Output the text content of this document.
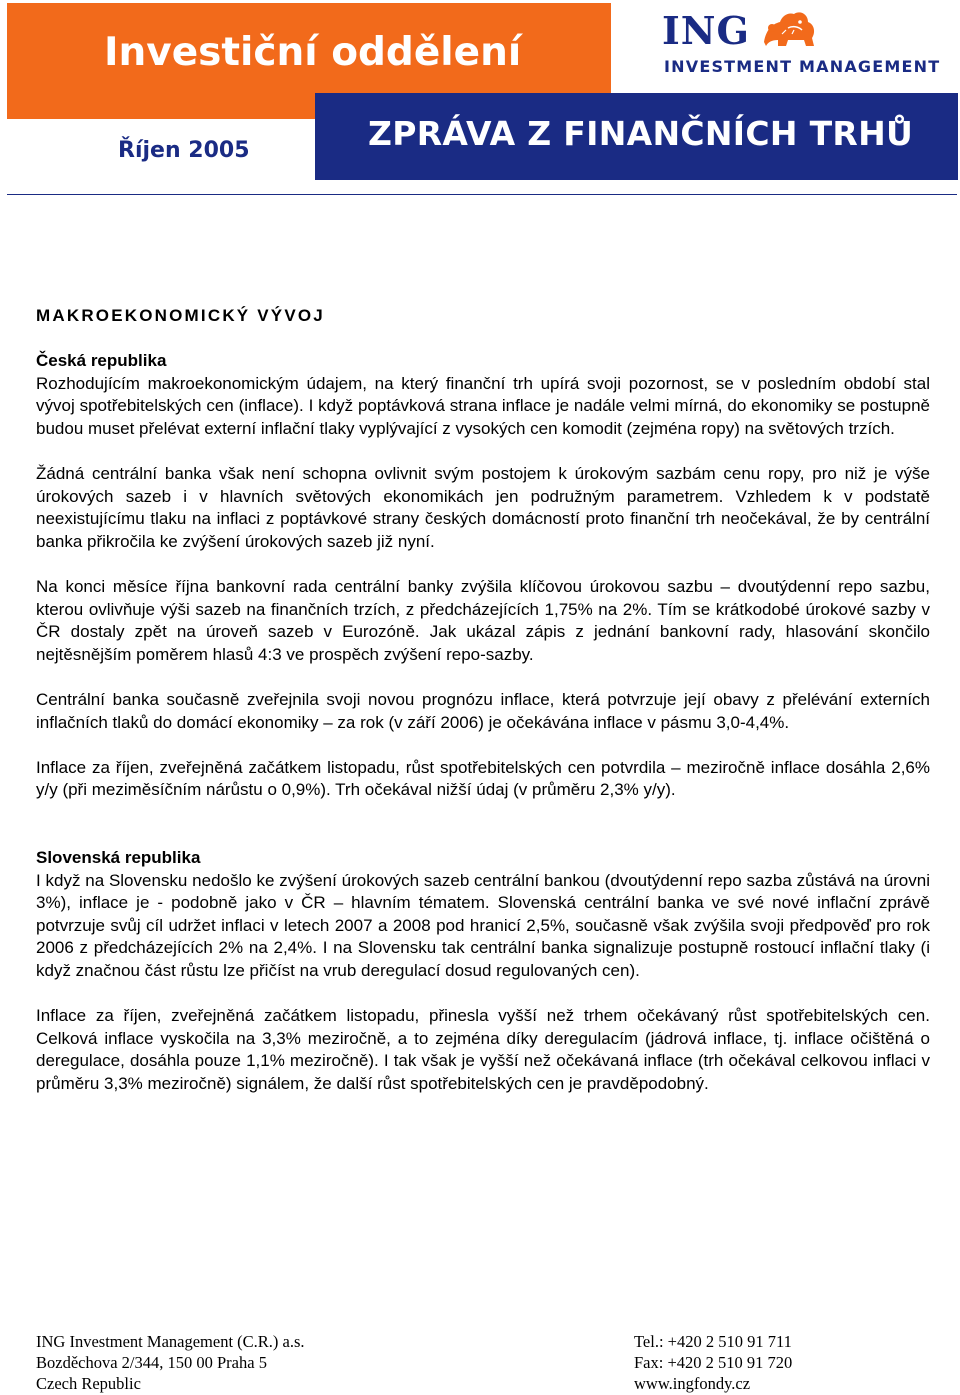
Investiční oddělení
Říjen 2005	ZPRÁVA Z FINANČNÍCH TRHŮ
ING
INVESTMENT MANAGEMENT
MAKROEKONOMICKÝ VÝVOJ

Česká republika

Rozhodujícím makroekonomickým údajem, na který finanční trh upírá svoji pozornost, se v posledním období stal vývoj spotřebitelských cen (inflace). I když poptávková strana inflace je nadále velmi mírná, do ekonomiky se postupně budou muset přelévat externí inflační tlaky vyplývající z vysokých cen komodit (zejména ropy) na světových trzích.

Žádná centrální banka však není schopna ovlivnit svým postojem k úrokovým sazbám cenu ropy, pro niž je výše úrokových sazeb i v hlavních světových ekonomikách jen podružným parametrem. Vzhledem k v podstatě neexistujícímu tlaku na inflaci z poptávkové strany českých domácností proto finanční trh neočekával, že by centrální banka přikročila ke zvýšení úrokových sazeb již nyní.

Na konci měsíce října bankovní rada centrální banky zvýšila klíčovou úrokovou sazbu – dvoutýdenní repo sazbu, kterou ovlivňuje výši sazeb na finančních trzích, z předcházejících 1,75% na 2%. Tím se krátkodobé úrokové sazby v ČR dostaly zpět na úroveň sazeb v Eurozóně. Jak ukázal zápis z jednání bankovní rady, hlasování skončilo nejtěsnějším poměrem hlasů 4:3 ve prospěch zvýšení repo-sazby.

Centrální banka současně zveřejnila svoji novou prognózu inflace, která potvrzuje její obavy z přelévání externích inflačních tlaků do domácí ekonomiky – za rok (v září 2006) je očekávána inflace v pásmu 3,0-4,4%.

Inflace za říjen, zveřejněná začátkem listopadu, růst spotřebitelských cen potvrdila – meziročně inflace dosáhla 2,6% y/y (při meziměsíčním nárůstu o 0,9%). Trh očekával nižší údaj (v průměru 2,3% y/y).

Slovenská republika

I když na Slovensku nedošlo ke zvýšení úrokových sazeb centrální bankou (dvoutýdenní repo sazba zůstává na úrovni 3%), inflace je - podobně jako v ČR – hlavním tématem. Slovenská centrální banka ve své nové inflační zprávě potvrzuje svůj cíl udržet inflaci v letech 2007 a 2008 pod hranicí 2,5%, současně však zvýšila svoji předpověď pro rok 2006 z předcházejících 2% na 2,4%. I na Slovensku tak centrální banka signalizuje postupně rostoucí inflační tlaky (i když značnou část růstu lze přičíst na vrub deregulací dosud regulovaných cen).

Inflace za říjen, zveřejněná začátkem listopadu, přinesla vyšší než trhem očekávaný růst spotřebitelských cen. Celková inflace vyskočila na 3,3% meziročně, a to zejména díky deregulacím (jádrová inflace, tj. inflace očištěná o deregulace, dosáhla pouze 1,1% meziročně). I tak však je vyšší než očekávaná inflace (trh očekával celkovou inflaci v průměru 3,3% meziročně) signálem, že další růst spotřebitelských cen je pravděpodobný.

ING Investment Management (C.R.) a.s.
Bozděchova 2/344, 150 00 Praha 5
Czech Republic
Tel.: +420 2 510 91 711
Fax: +420 2 510 91 720
www.ingfondy.cz
